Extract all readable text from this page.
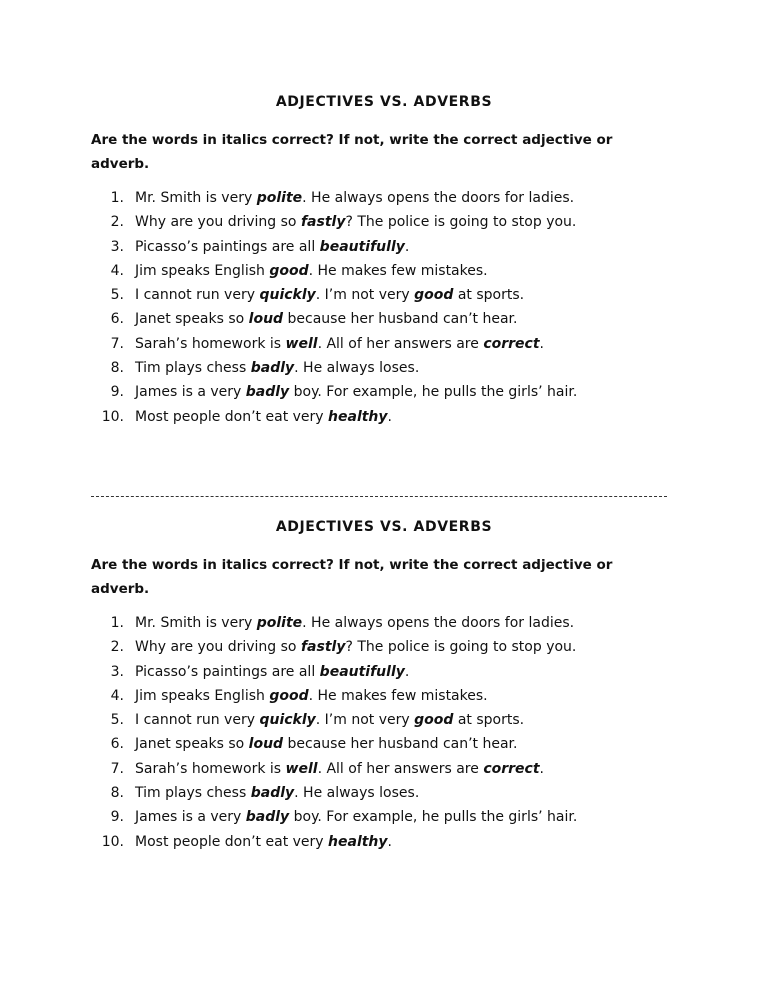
ADJECTIVES VS. ADVERBS

Are the words in italics correct? If not, write the correct adjective or adverb.

1. Mr. Smith is very polite. He always opens the doors for ladies.
2. Why are you driving so fastly? The police is going to stop you.
3. Picasso’s paintings are all beautifully.
4. Jim speaks English good. He makes few mistakes.
5. I cannot run very quickly. I’m not very good at sports.
6. Janet speaks so loud because her husband can’t hear.
7. Sarah’s homework is well. All of her answers are correct.
8. Tim plays chess badly. He always loses.
9. James is a very badly boy. For example, he pulls the girls’ hair.
10. Most people don’t eat very healthy.
ADJECTIVES VS. ADVERBS

Are the words in italics correct? If not, write the correct adjective or adverb.

1. Mr. Smith is very polite. He always opens the doors for ladies.
2. Why are you driving so fastly? The police is going to stop you.
3. Picasso’s paintings are all beautifully.
4. Jim speaks English good. He makes few mistakes.
5. I cannot run very quickly. I’m not very good at sports.
6. Janet speaks so loud because her husband can’t hear.
7. Sarah’s homework is well. All of her answers are correct.
8. Tim plays chess badly. He always loses.
9. James is a very badly boy. For example, he pulls the girls’ hair.
10. Most people don’t eat very healthy.
